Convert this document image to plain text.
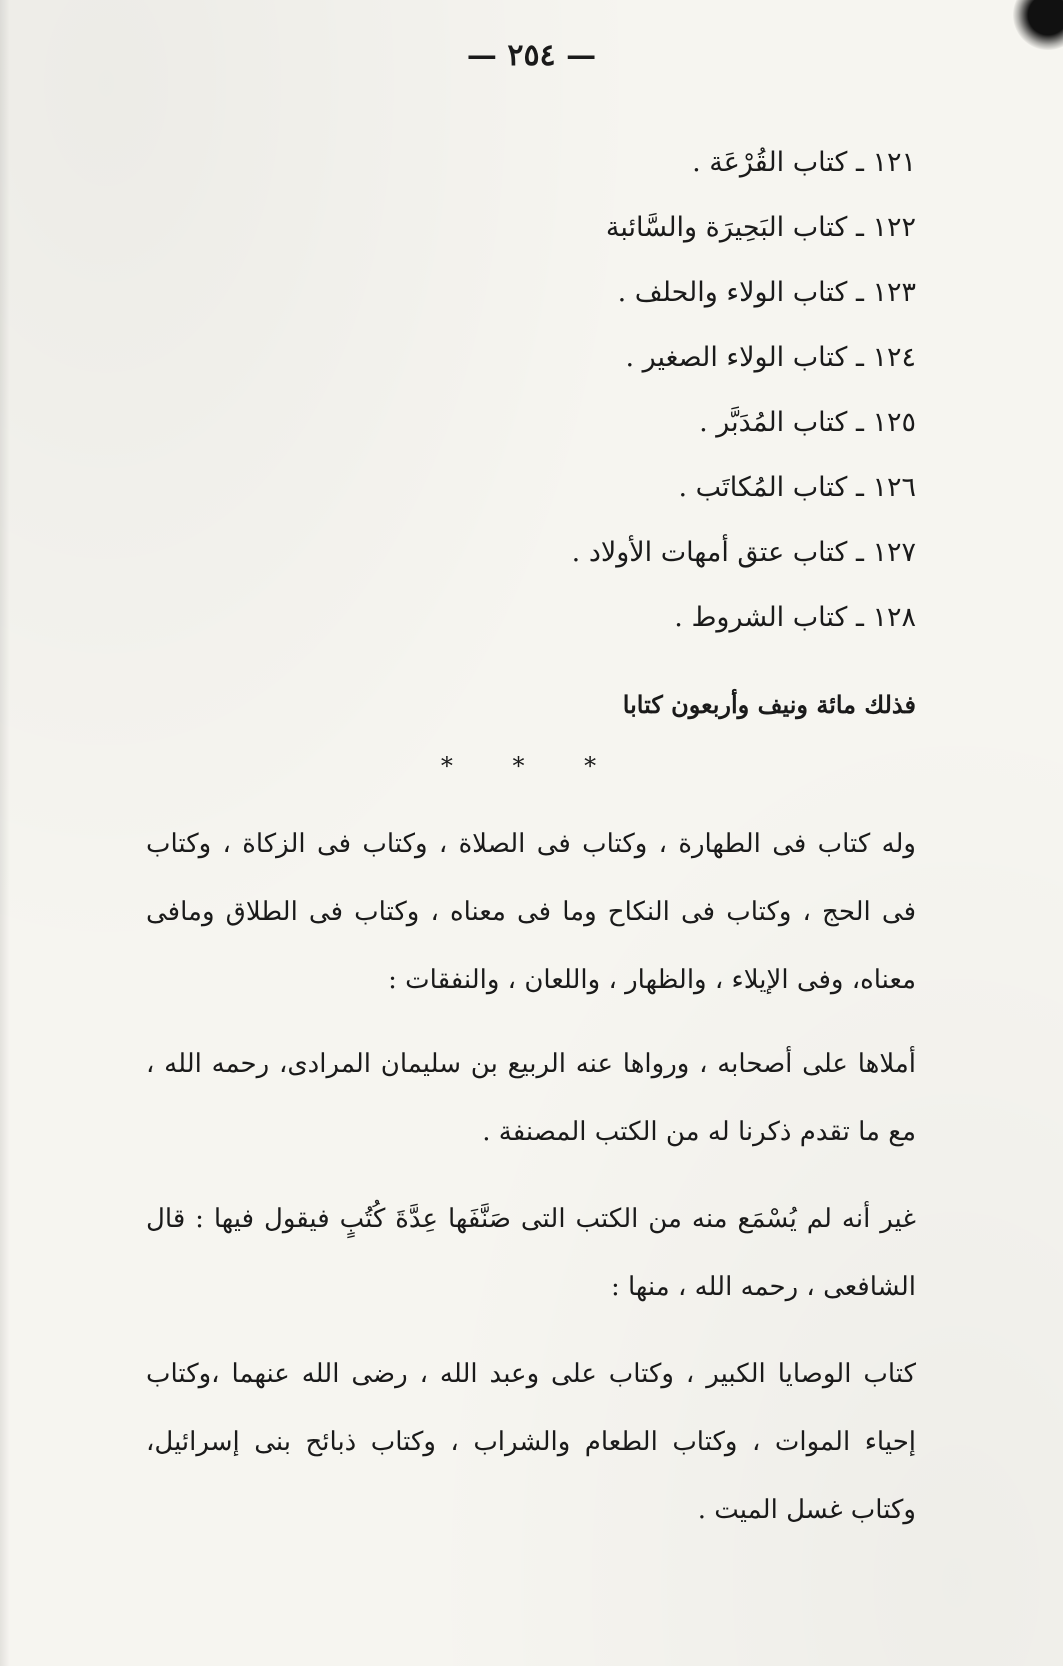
— ٢٥٤ —
١٢١ ـ كتاب القُرْعَة .
١٢٢ ـ كتاب البَحِيرَة والسَّائبة
١٢٣ ـ كتاب الولاء والحلف .
١٢٤ ـ كتاب الولاء الصغير .
١٢٥ ـ كتاب المُدَبَّر .
١٢٦ ـ كتاب المُكاتَب .
١٢٧ ـ كتاب عتق أمهات الأولاد .
١٢٨ ـ كتاب الشروط .
فذلك مائة ونيف وأربعون كتابا
* * *

وله كتاب فى الطهارة ، وكتاب فى الصلاة ، وكتاب فى الزكاة ، وكتاب فى الحج ، وكتاب فى النكاح وما فى معناه ، وكتاب فى الطلاق ومافى معناه، وفى الإيلاء ، والظهار ، واللعان ، والنفقات :

أملاها على أصحابه ، ورواها عنه الربيع بن سليمان المرادى، رحمه الله ، مع ما تقدم ذكرنا له من الكتب المصنفة .

غير أنه لم يُسْمَع منه من الكتب التى صَنَّفَها عِدَّةَ كُتُبٍ فيقول فيها : قال الشافعى ، رحمه الله ، منها :

كتاب الوصايا الكبير ، وكتاب على وعبد الله ، رضى الله عنهما ،وكتاب إحياء الموات ، وكتاب الطعام والشراب ، وكتاب ذبائح بنى إسرائيل، وكتاب غسل الميت .
